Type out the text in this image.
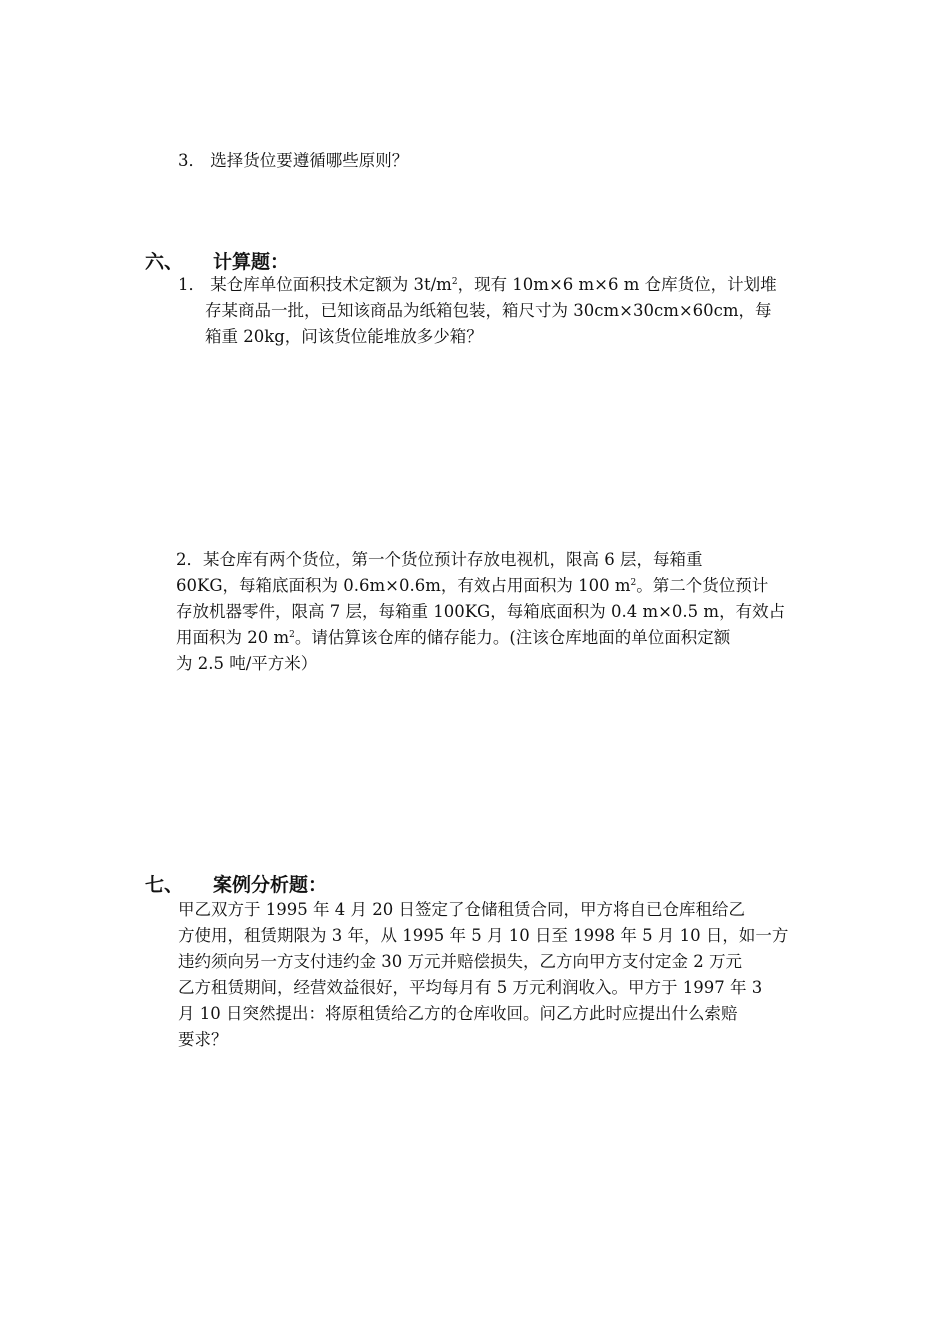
3． 选择货位要遵循哪些原则？
六、 计算题：
1． 某仓库单位面积技术定额为 $3t/m^2$，现有 10m×6 m×6 m 仓库货位，计划堆
存某商品一批，已知该商品为纸箱包装，箱尺寸为 30cm×30cm×60cm，每
箱重 20kg，问该货位能堆放多少箱？
2．某仓库有两个货位，第一个货位预计存放电视机，限高 6 层，每箱重
60KG，每箱底面积为 0.6m×0.6m，有效占用面积为 100 $m^2$。第二个货位预计
存放机器零件，限高 7 层，每箱重 100KG，每箱底面积为 0.4 m×0.5 m，有效占
用面积为 20 $m^2$。请估算该仓库的储存能力。(注该仓库地面的单位面积定额
为 2.5 吨/平方米）
七、 案例分析题：
甲乙双方于 1995 年 4 月 20 日签定了仓储租赁合同，甲方将自已仓库租给乙
方使用，租赁期限为 3 年，从 1995 年 5 月 10 日至 1998 年 5 月 10 日，如一方
违约须向另一方支付违约金 30 万元并赔偿损失，乙方向甲方支付定金 2 万元
乙方租赁期间，经营效益很好，平均每月有 5 万元利润收入。甲方于 1997 年 3
月 10 日突然提出：将原租赁给乙方的仓库收回。问乙方此时应提出什么索赔
要求？
